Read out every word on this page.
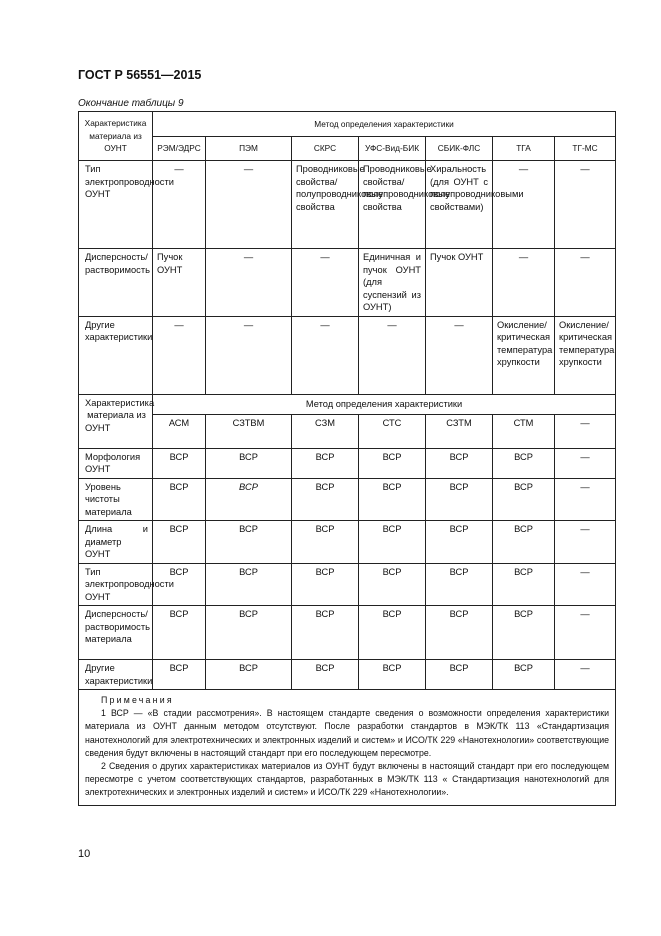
ГОСТ Р 56551—2015
Окончание таблицы 9
Характеристика материала из ОУНТ	Метод определения характеристики						
	РЭМ/ЭДРС	ПЭМ	СКРС	УФС-Вид-БИК	СБИК-ФЛС	ТГА	ТГ-МС
Тип электропроводности ОУНТ	—	—	Проводниковые свойства/ полупроводниковые свойства	Проводниковые свойства/ полупроводниковые свойства	Хиральность (для ОУНТ с полупроводниковыми свойствами)	—	—
Дисперсность/растворимость	Пучок ОУНТ	—	—	Единичная и пучок ОУНТ (для суспензий из ОУНТ)	Пучок ОУНТ	—	—
Другие характеристики	—	—	—	—	—	Окисление/критическая температура хрупкости	Окисление/критическая температура хрупкости
Характеристика материала из ОУНТ	Метод определения характеристики						
	АСМ	СЗТВМ	СЗМ	СТС	СЗТМ	СТМ	—
Морфология ОУНТ	ВСР	ВСР	ВСР	ВСР	ВСР	ВСР	—
Уровень чистоты материала	ВСР	ВСР	ВСР	ВСР	ВСР	ВСР	—
Длина и диаметр ОУНТ	ВСР	ВСР	ВСР	ВСР	ВСР	ВСР	—
Тип электропроводности ОУНТ	ВСР	ВСР	ВСР	ВСР	ВСР	ВСР	—
Дисперсность/растворимость материала	ВСР	ВСР	ВСР	ВСР	ВСР	ВСР	—
Другие характеристики	ВСР	ВСР	ВСР	ВСР	ВСР	ВСР	—

Примечания

1 ВСР — «В стадии рассмотрения». В настоящем стандарте сведения о возможности определения характеристики материала из ОУНТ данным методом отсутствуют. После разработки стандартов в МЭК/ТК 113 «Стандартизация нанотехнологий для электротехнических и электронных изделий и систем» и ИСО/ТК 229 «Нанотехнологии» соответствующие сведения будут включены в настоящий стандарт при его последующем пересмотре.

2 Сведения о других характеристиках материалов из ОУНТ будут включены в настоящий стандарт при его последующем пересмотре с учетом соответствующих стандартов, разработанных в МЭК/ТК 113 « Стандартизация нанотехнологий для электротехнических и электронных изделий и систем» и ИСО/ТК 229 «Нанотехнологии».							

10
